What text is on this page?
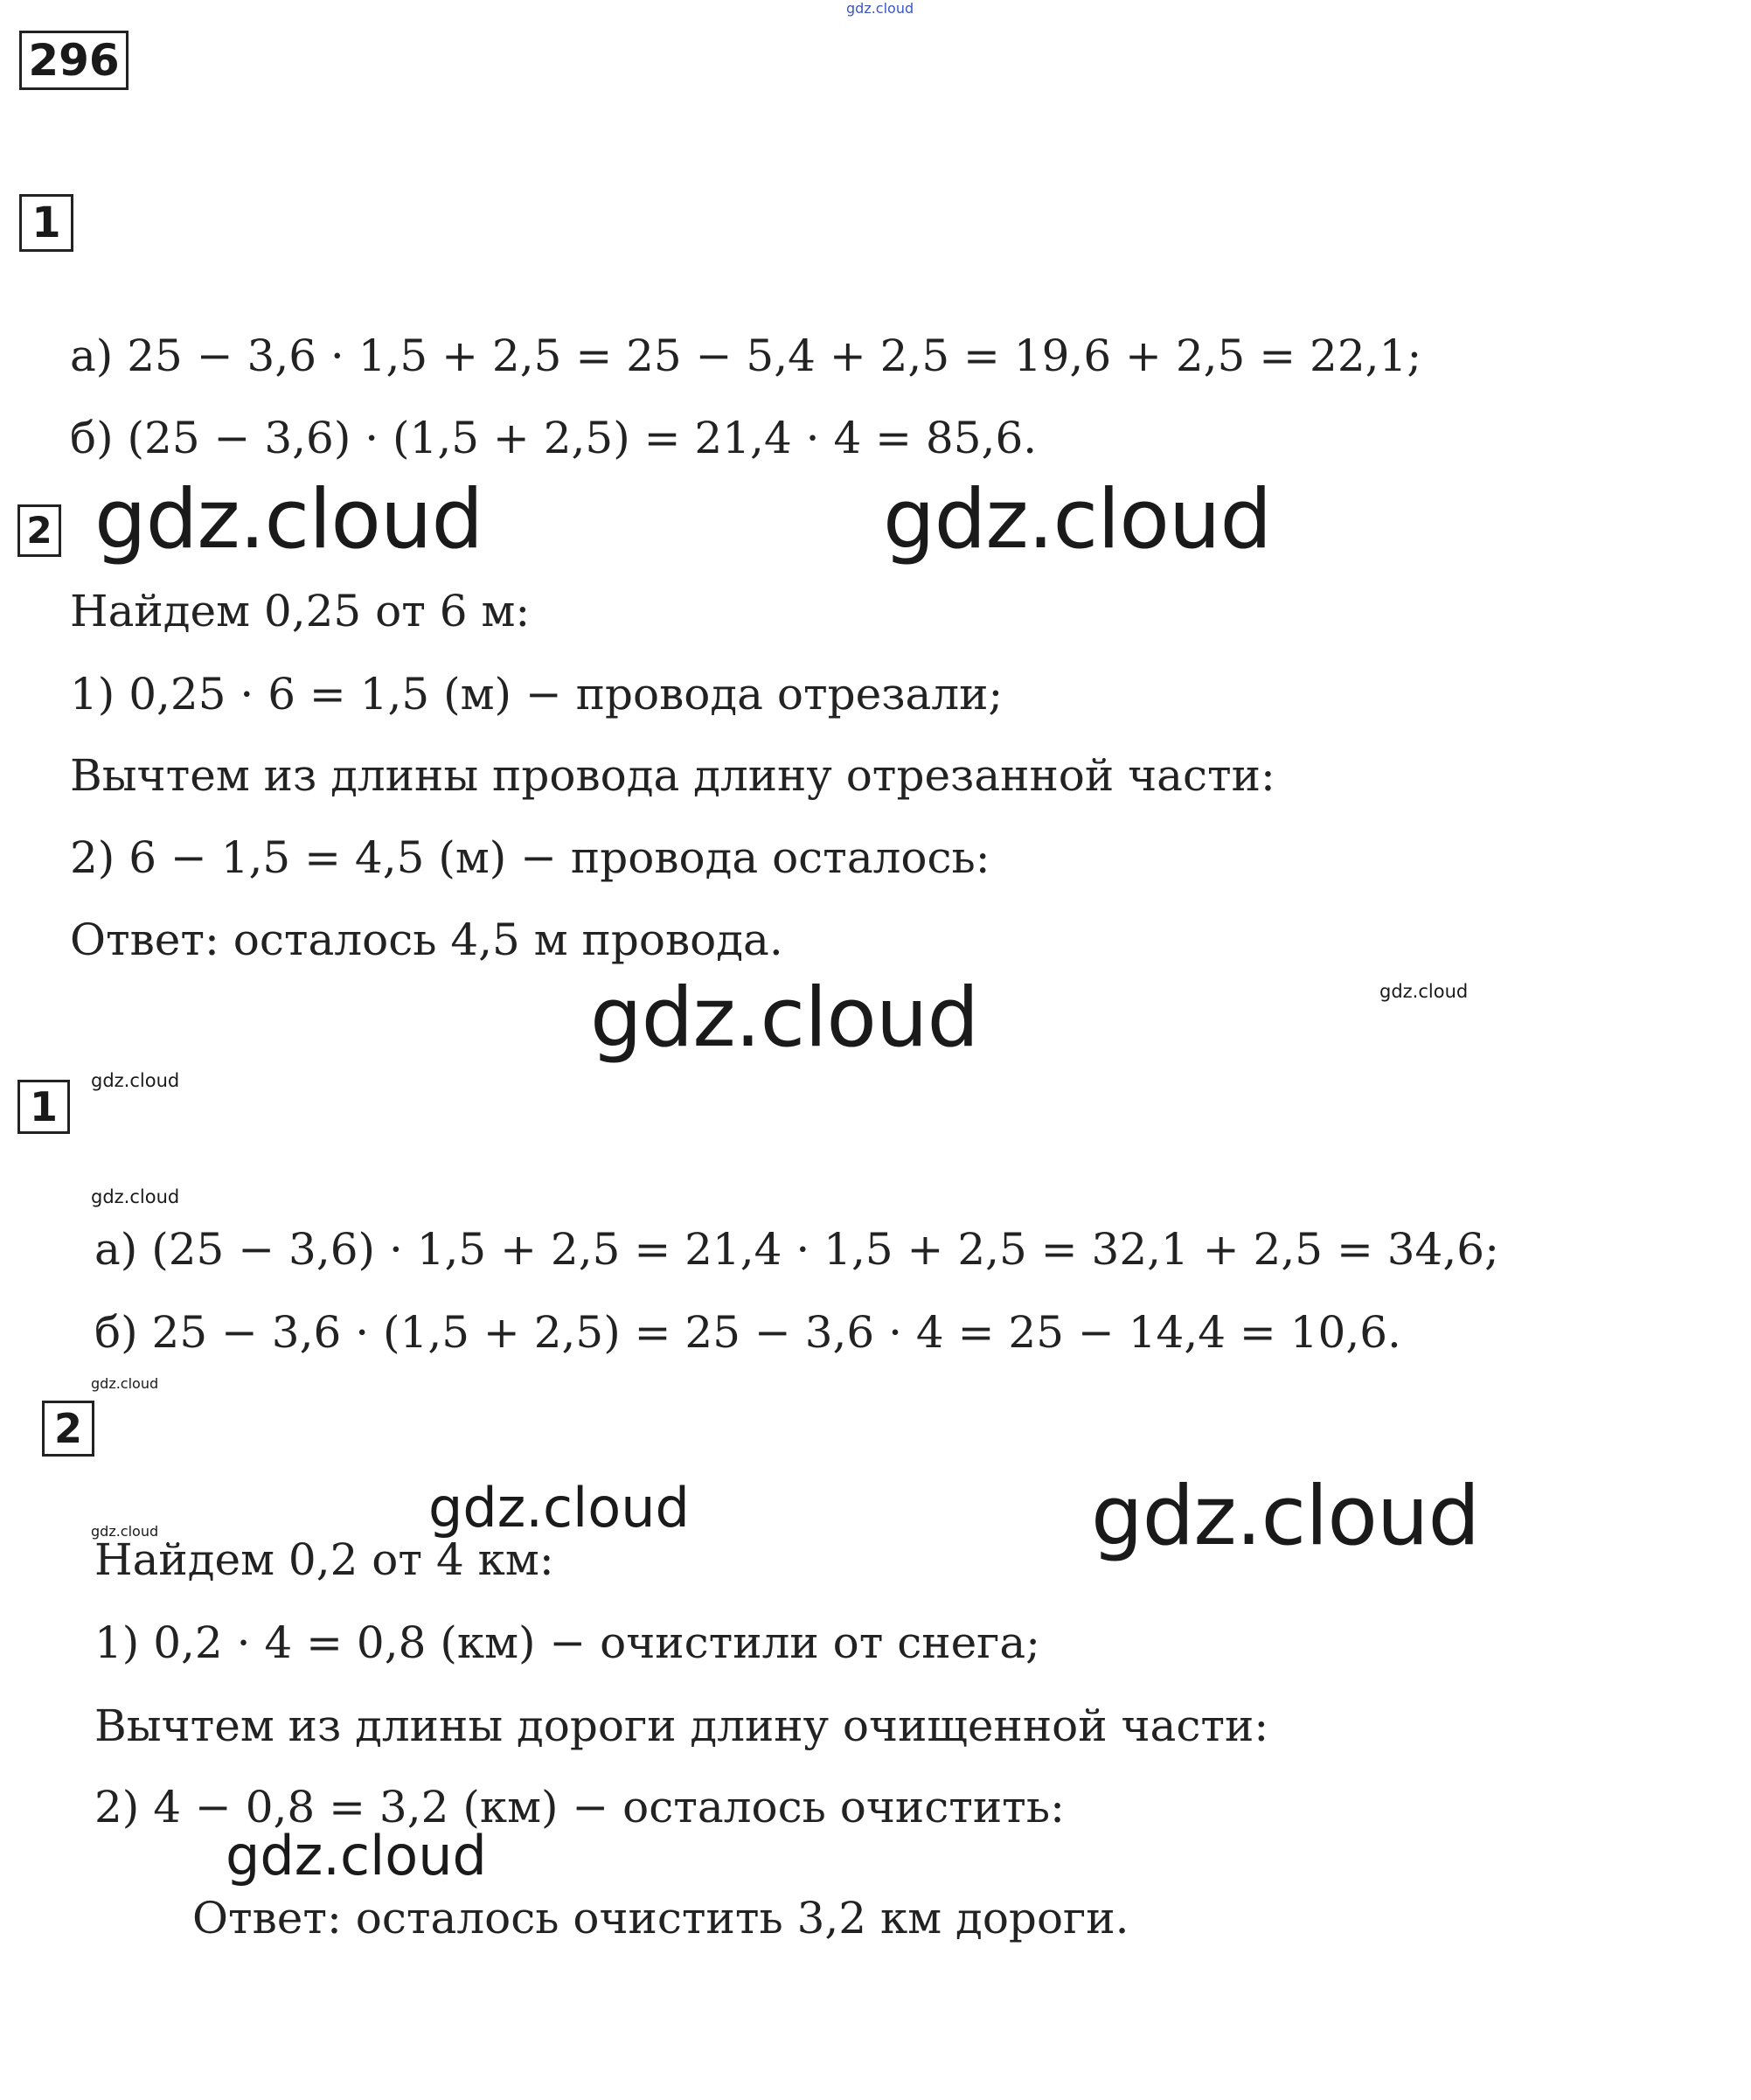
gdz.cloud
296
1
а) 25 − 3,6 · 1,5 + 2,5 = 25 − 5,4 + 2,5 = 19,6 + 2,5 = 22,1;
б) (25 − 3,6) · (1,5 + 2,5) = 21,4 · 4 = 85,6.
2 gdz.cloud	gdz.cloud
Найдем 0,25 от 6 м:
1) 0,25 · 6 = 1,5 (м) − провода отрезали;
Вычтем из длины провода длину отрезанной части:
2) 6 − 1,5 = 4,5 (м) − провода осталось:
Ответ: осталось 4,5 м провода.
gdz.cloud	gdz.cloud
1
gdz.cloud
gdz.cloud
а) (25 − 3,6) · 1,5 + 2,5 = 21,4 · 1,5 + 2,5 = 32,1 + 2,5 = 34,6;
б) 25 − 3,6 · (1,5 + 2,5) = 25 − 3,6 · 4 = 25 − 14,4 = 10,6.
gdz.cloud
2
gdz.cloud	gdz.cloud
gdz.cloud
Найдем 0,2 от 4 км:
1) 0,2 · 4 = 0,8 (км) − очистили от снега;
Вычтем из длины дороги длину очищенной части:
2) 4 − 0,8 = 3,2 (км) − осталось очистить:
gdz.cloud
Ответ: осталось очистить 3,2 км дороги.
